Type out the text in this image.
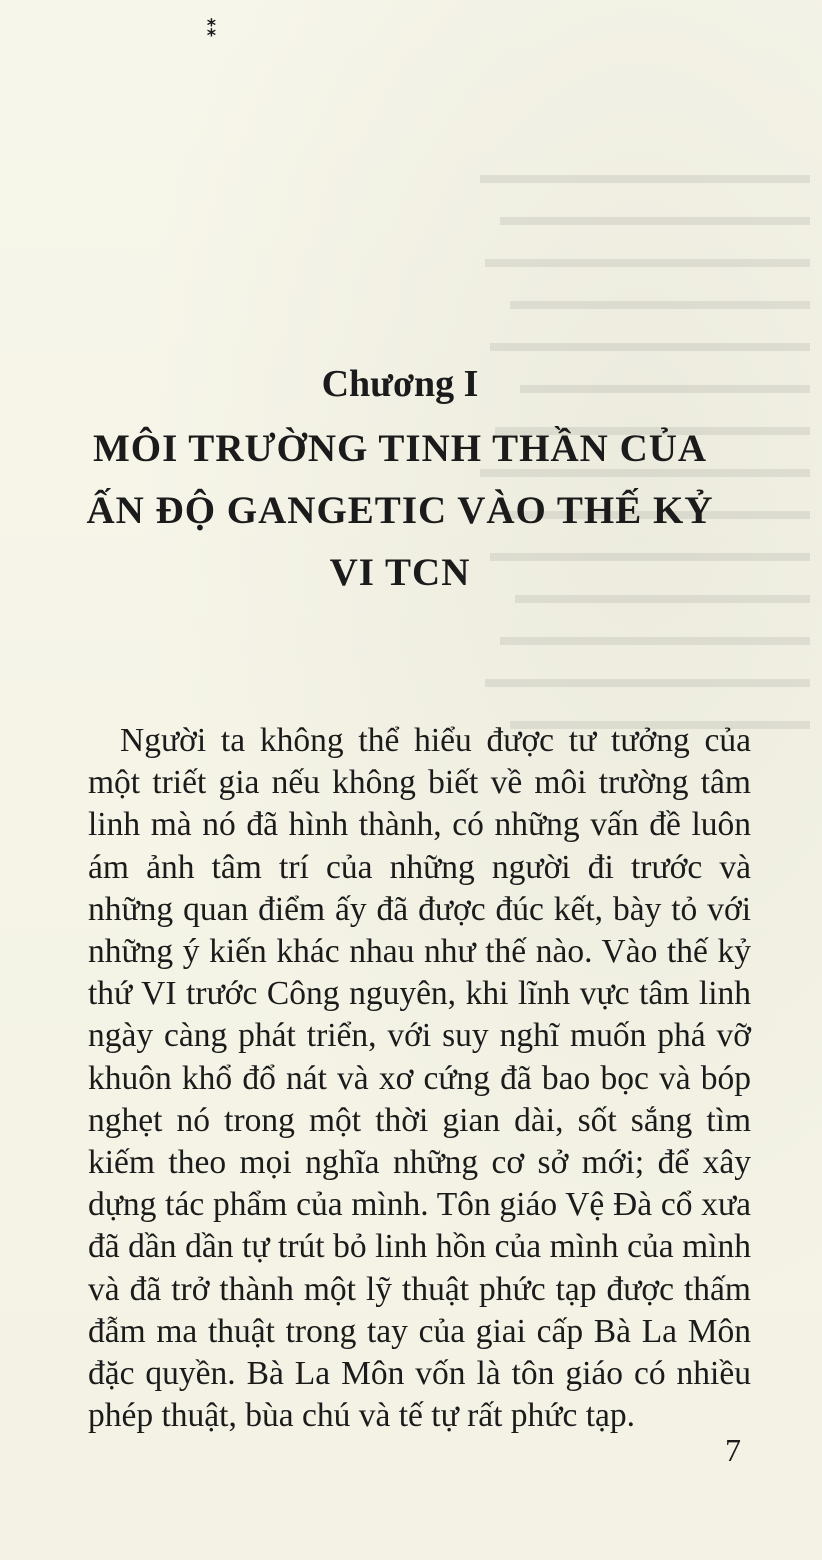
⁑
Chương I
MÔI TRƯỜNG TINH THẦN CỦA
ẤN ĐỘ GANGETIC VÀO THẾ KỶ
VI TCN

Người ta không thể hiểu được tư tưởng của một triết gia nếu không biết về môi trường tâm linh mà nó đã hình thành, có những vấn đề luôn ám ảnh tâm trí của những người đi trước và những quan điểm ấy đã được đúc kết, bày tỏ với những ý kiến khác nhau như thế nào. Vào thế kỷ thứ VI trước Công nguyên, khi lĩnh vực tâm linh ngày càng phát triển, với suy nghĩ muốn phá vỡ khuôn khổ đổ nát và xơ cứng đã bao bọc và bóp nghẹt nó trong một thời gian dài, sốt sắng tìm kiếm theo mọi nghĩa những cơ sở mới; để xây dựng tác phẩm của mình. Tôn giáo Vệ Đà cổ xưa đã dần dần tự trút bỏ linh hồn của mình của mình và đã trở thành một lỹ thuật phức tạp được thấm đẫm ma thuật trong tay của giai cấp Bà La Môn đặc quyền. Bà La Môn vốn là tôn giáo có nhiều phép thuật, bùa chú và tế tự rất phức tạp.

7
